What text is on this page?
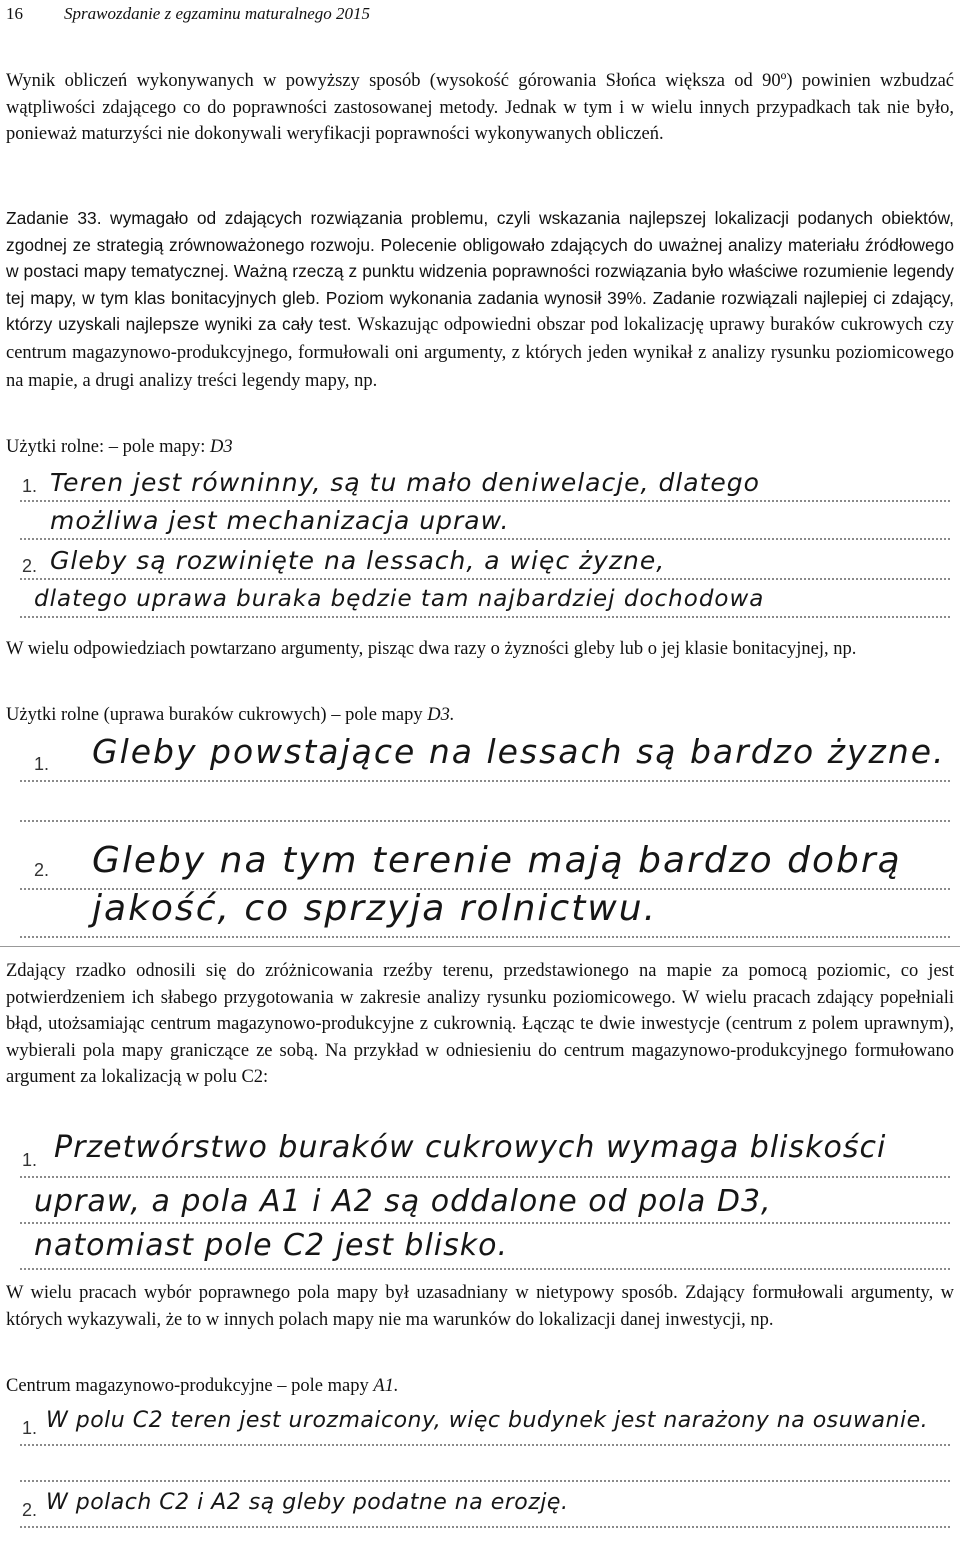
16 Sprawozdanie z egzaminu maturalnego 2015

Wynik obliczeń wykonywanych w powyższy sposób (wysokość górowania Słońca większa od 90º) powinien wzbudzać wątpliwości zdającego co do poprawności zastosowanej metody. Jednak w tym i w wielu innych przypadkach tak nie było, ponieważ maturzyści nie dokonywali weryfikacji poprawności wykonywanych obliczeń.

Zadanie 33. wymagało od zdających rozwiązania problemu, czyli wskazania najlepszej lokalizacji podanych obiektów, zgodnej ze strategią zrównoważonego rozwoju. Polecenie obligowało zdających do uważnej analizy materiału źródłowego w postaci mapy tematycznej. Ważną rzeczą z punktu widzenia poprawności rozwiązania było właściwe rozumienie legendy tej mapy, w tym klas bonitacyjnych gleb. Poziom wykonania zadania wynosił 39%. Zadanie rozwiązali najlepiej ci zdający, którzy uzyskali najlepsze wyniki za cały test. Wskazując odpowiedni obszar pod lokalizację uprawy buraków cukrowych czy centrum magazynowo-produkcyjnego, formułowali oni argumenty, z których jeden wynikał z analizy rysunku poziomicowego na mapie, a drugi analizy treści legendy mapy, np.
Użytki rolne: – pole mapy: D3
1. Teren jest równinny, są tu mało deniwelacje, dlatego
możliwa jest mechanizacja upraw.
2. Gleby są rozwinięte na lessach, a więc żyzne,
dlatego uprawa buraka będzie tam najbardziej dochodowa

W wielu odpowiedziach powtarzano argumenty, pisząc dwa razy o żyzności gleby lub o jej klasie bonitacyjnej, np.

Użytki rolne (uprawa buraków cukrowych) – pole mapy D3.
1. Gleby powstające na lessach są bardzo żyzne.
2. Gleby na tym terenie mają bardzo dobrą
jakość, co sprzyja rolnictwu.

Zdający rzadko odnosili się do zróżnicowania rzeźby terenu, przedstawionego na mapie za pomocą poziomic, co jest potwierdzeniem ich słabego przygotowania w zakresie analizy rysunku poziomicowego. W wielu pracach zdający popełniali błąd, utożsamiając centrum magazynowo-produkcyjne z cukrownią. Łącząc te dwie inwestycje (centrum z polem uprawnym), wybierali pola mapy graniczące ze sobą. Na przykład w odniesieniu do centrum magazynowo-produkcyjnego formułowano argument za lokalizacją w polu C2:

1. Przetwórstwo buraków cukrowych wymaga bliskości
upraw, a pola A1 i A2 są oddalone od pola D3,
natomiast pole C2 jest blisko.

W wielu pracach wybór poprawnego pola mapy był uzasadniany w nietypowy sposób. Zdający formułowali argumenty, w których wykazywali, że to w innych polach mapy nie ma warunków do lokalizacji danej inwestycji, np.

Centrum magazynowo-produkcyjne – pole mapy A1.
1. W polu C2 teren jest urozmaicony, więc budynek jest narażony na osuwanie.
2. W polach C2 i A2 są gleby podatne na erozję.
